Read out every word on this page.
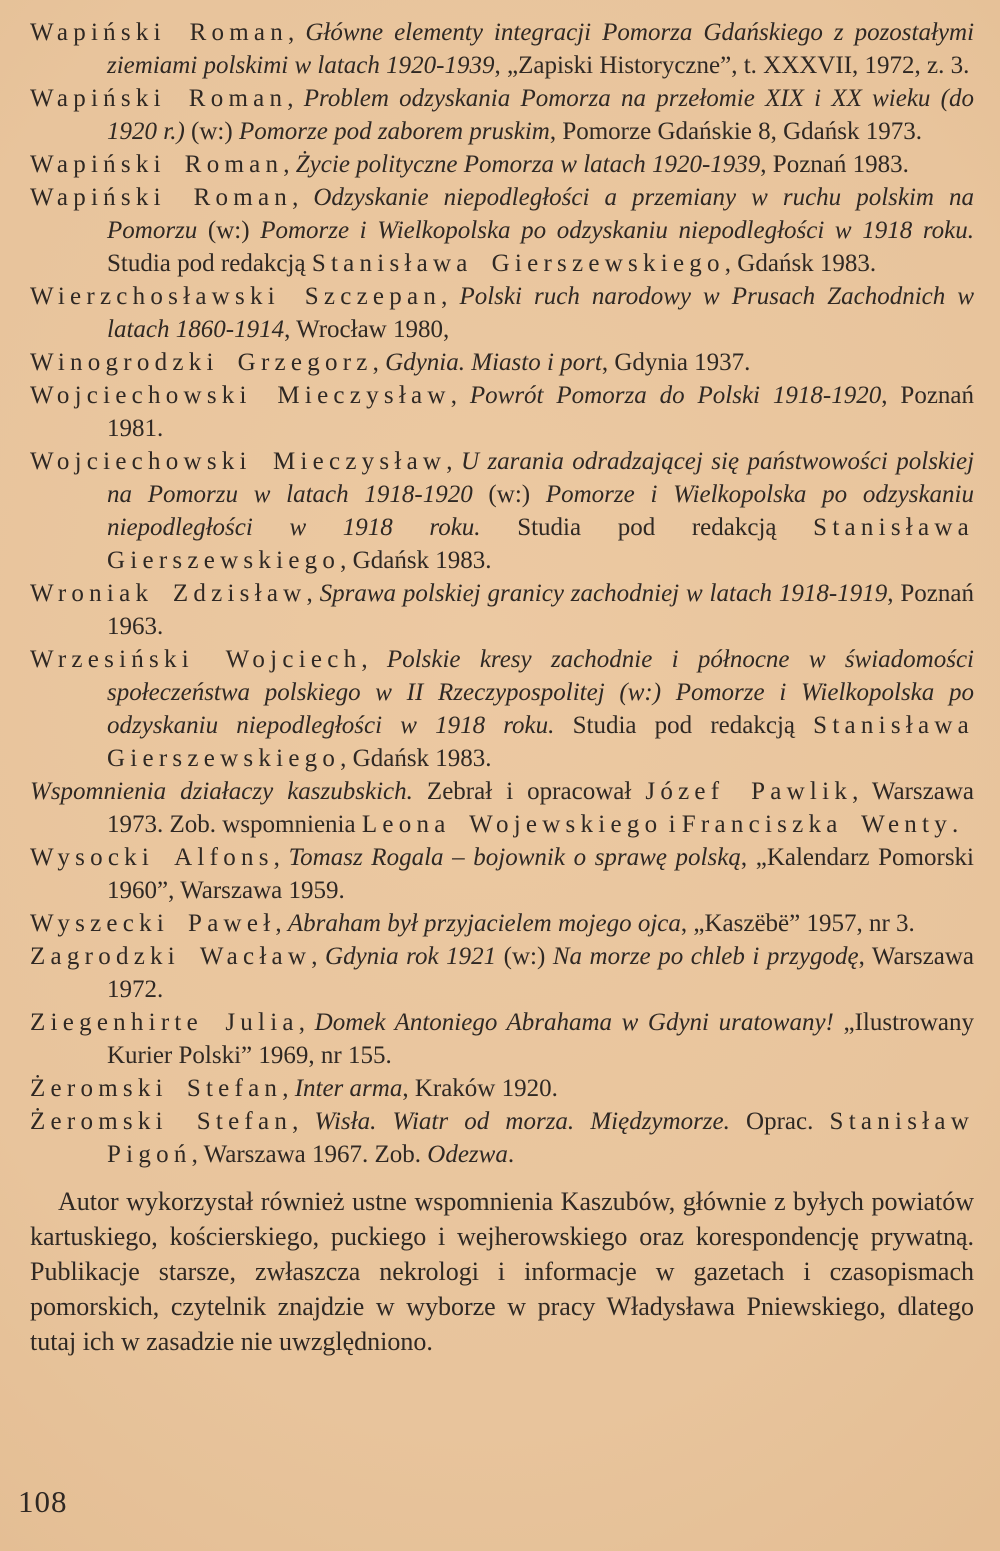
Wapiński Roman, Główne elementy integracji Pomorza Gdańskiego z pozostałymi ziemiami polskimi w latach 1920-1939, „Zapiski Historyczne”, t. XXXVII, 1972, z. 3.
Wapiński Roman, Problem odzyskania Pomorza na przełomie XIX i XX wieku (do 1920 r.) (w:) Pomorze pod zaborem pruskim, Pomorze Gdańskie 8, Gdańsk 1973.
Wapiński Roman, Życie polityczne Pomorza w latach 1920-1939, Poznań 1983.
Wapiński Roman, Odzyskanie niepodległości a przemiany w ruchu polskim na Pomorzu (w:) Pomorze i Wielkopolska po odzyskaniu niepodległości w 1918 roku. Studia pod redakcją Stanisława Gierszewskiego, Gdańsk 1983.
Wierzchosławski Szczepan, Polski ruch narodowy w Prusach Zachodnich w latach 1860-1914, Wrocław 1980,
Winogrodzki Grzegorz, Gdynia. Miasto i port, Gdynia 1937.
Wojciechowski Mieczysław, Powrót Pomorza do Polski 1918-1920, Poznań 1981.
Wojciechowski Mieczysław, U zarania odradzającej się państwowości polskiej na Pomorzu w latach 1918-1920 (w:) Pomorze i Wielkopolska po odzyskaniu niepodległości w 1918 roku. Studia pod redakcją Stanisława Gierszewskiego, Gdańsk 1983.
Wroniak Zdzisław, Sprawa polskiej granicy zachodniej w latach 1918-1919, Poznań 1963.
Wrzesiński Wojciech, Polskie kresy zachodnie i północne w świadomości społeczeństwa polskiego w II Rzeczypospolitej (w:) Pomorze i Wielkopolska po odzyskaniu niepodległości w 1918 roku. Studia pod redakcją Stanisława Gierszewskiego, Gdańsk 1983.
Wspomnienia działaczy kaszubskich. Zebrał i opracował Józef Pawlik, Warszawa 1973. Zob. wspomnienia Leona Wojewskiego i Franciszka Wenty.
Wysocki Alfons, Tomasz Rogala – bojownik o sprawę polską, „Kalendarz Pomorski 1960”, Warszawa 1959.
Wyszecki Paweł, Abraham był przyjacielem mojego ojca, „Kaszëbë” 1957, nr 3.
Zagrodzki Wacław, Gdynia rok 1921 (w:) Na morze po chleb i przygodę, Warszawa 1972.
Ziegenhirte Julia, Domek Antoniego Abrahama w Gdyni uratowany! „Ilustrowany Kurier Polski” 1969, nr 155.
Żeromski Stefan, Inter arma, Kraków 1920.
Żeromski Stefan, Wisła. Wiatr od morza. Międzymorze. Oprac. Stanisław Pigoń, Warszawa 1967. Zob. Odezwa.

Autor wykorzystał również ustne wspomnienia Kaszubów, głównie z byłych powiatów kartuskiego, kościerskiego, puckiego i wejherowskiego oraz korespondencję prywatną. Publikacje starsze, zwłaszcza nekrologi i informacje w gazetach i czasopismach pomorskich, czytelnik znajdzie w wyborze w pracy Władysława Pniewskiego, dlatego tutaj ich w zasadzie nie uwzględniono.

108
